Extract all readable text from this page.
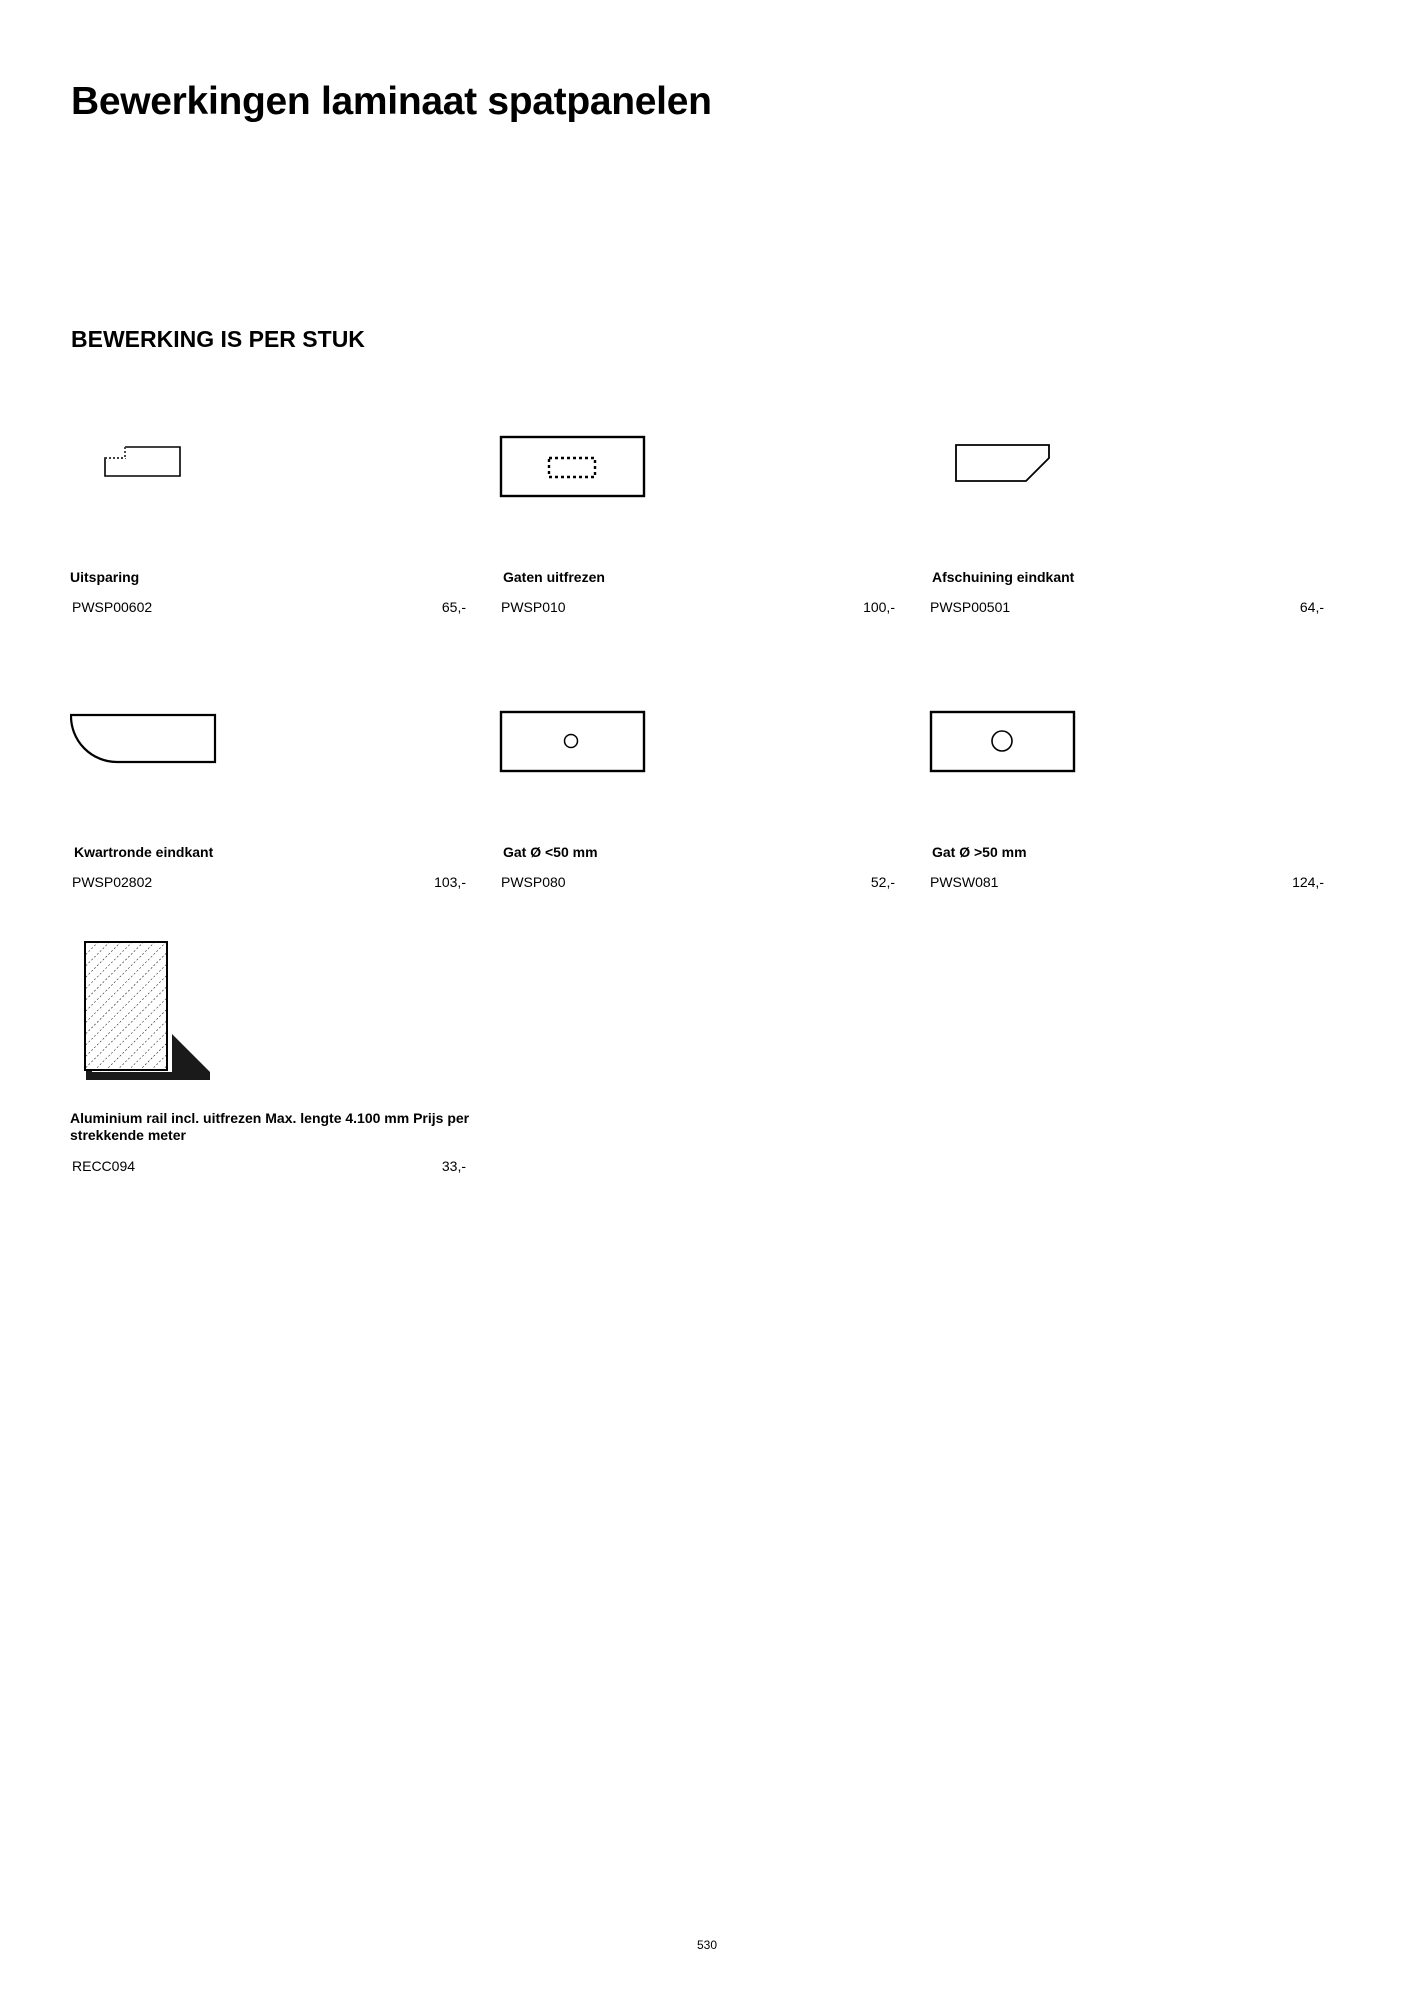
Bewerkingen laminaat spatpanelen
BEWERKING IS PER STUK
Uitsparing
PWSP00602	65,-
Gaten uitfrezen
PWSP010	100,-
Afschuining eindkant
PWSP00501	64,-
Kwartronde eindkant
PWSP02802	103,-
Gat Ø <50 mm
PWSP080	52,-
Gat Ø >50 mm
PWSW081	124,-
Aluminium rail incl. uitfrezen Max. lengte 4.100 mm Prijs per strekkende meter
RECC094	33,-
530
